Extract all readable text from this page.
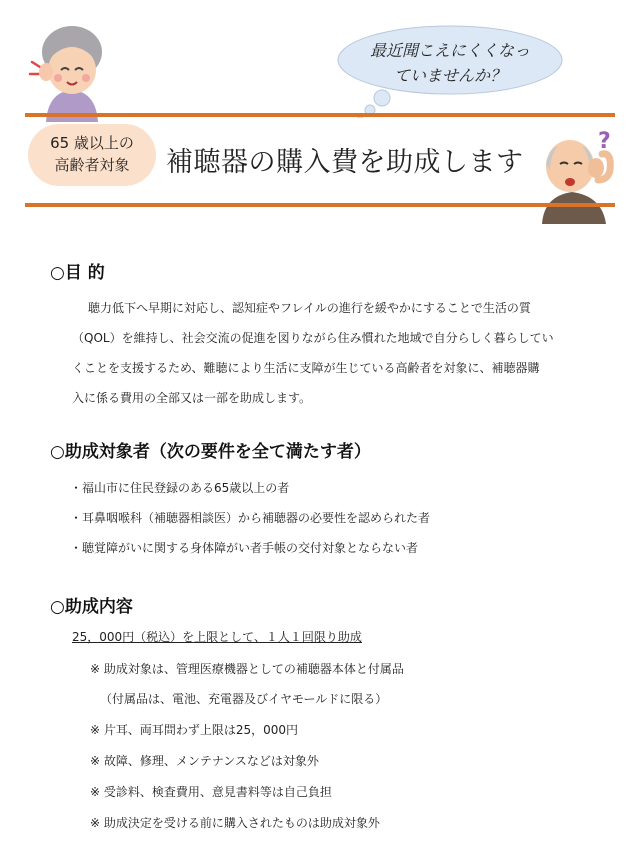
最近聞こえにくくなっ
ていませんか？
65 歳以上の
高齢者対象	補聴器の購入費を助成します
?
○目 的

聴力低下へ早期に対応し、認知症やフレイルの進行を緩やかにすることで生活の質

（QOL）を維持し、社会交流の促進を図りながら住み慣れた地域で自分らしく暮らしてい

くことを支援するため、難聴により生活に支障が生じている高齢者を対象に、補聴器購

入に係る費用の全部又は一部を助成します。

○助成対象者（次の要件を全て満たす者）
・福山市に住民登録のある65歳以上の者
・耳鼻咽喉科（補聴器相談医）から補聴器の必要性を認められた者
・聴覚障がいに関する身体障がい者手帳の交付対象とならない者
○助成内容
25，000円（税込）を上限として、１人１回限り助成
※ 助成対象は、管理医療機器としての補聴器本体と付属品
（付属品は、電池、充電器及びイヤモールドに限る）
※ 片耳、両耳問わず上限は25，000円
※ 故障、修理、メンテナンスなどは対象外
※ 受診料、検査費用、意見書料等は自己負担
※ 助成決定を受ける前に購入されたものは助成対象外
